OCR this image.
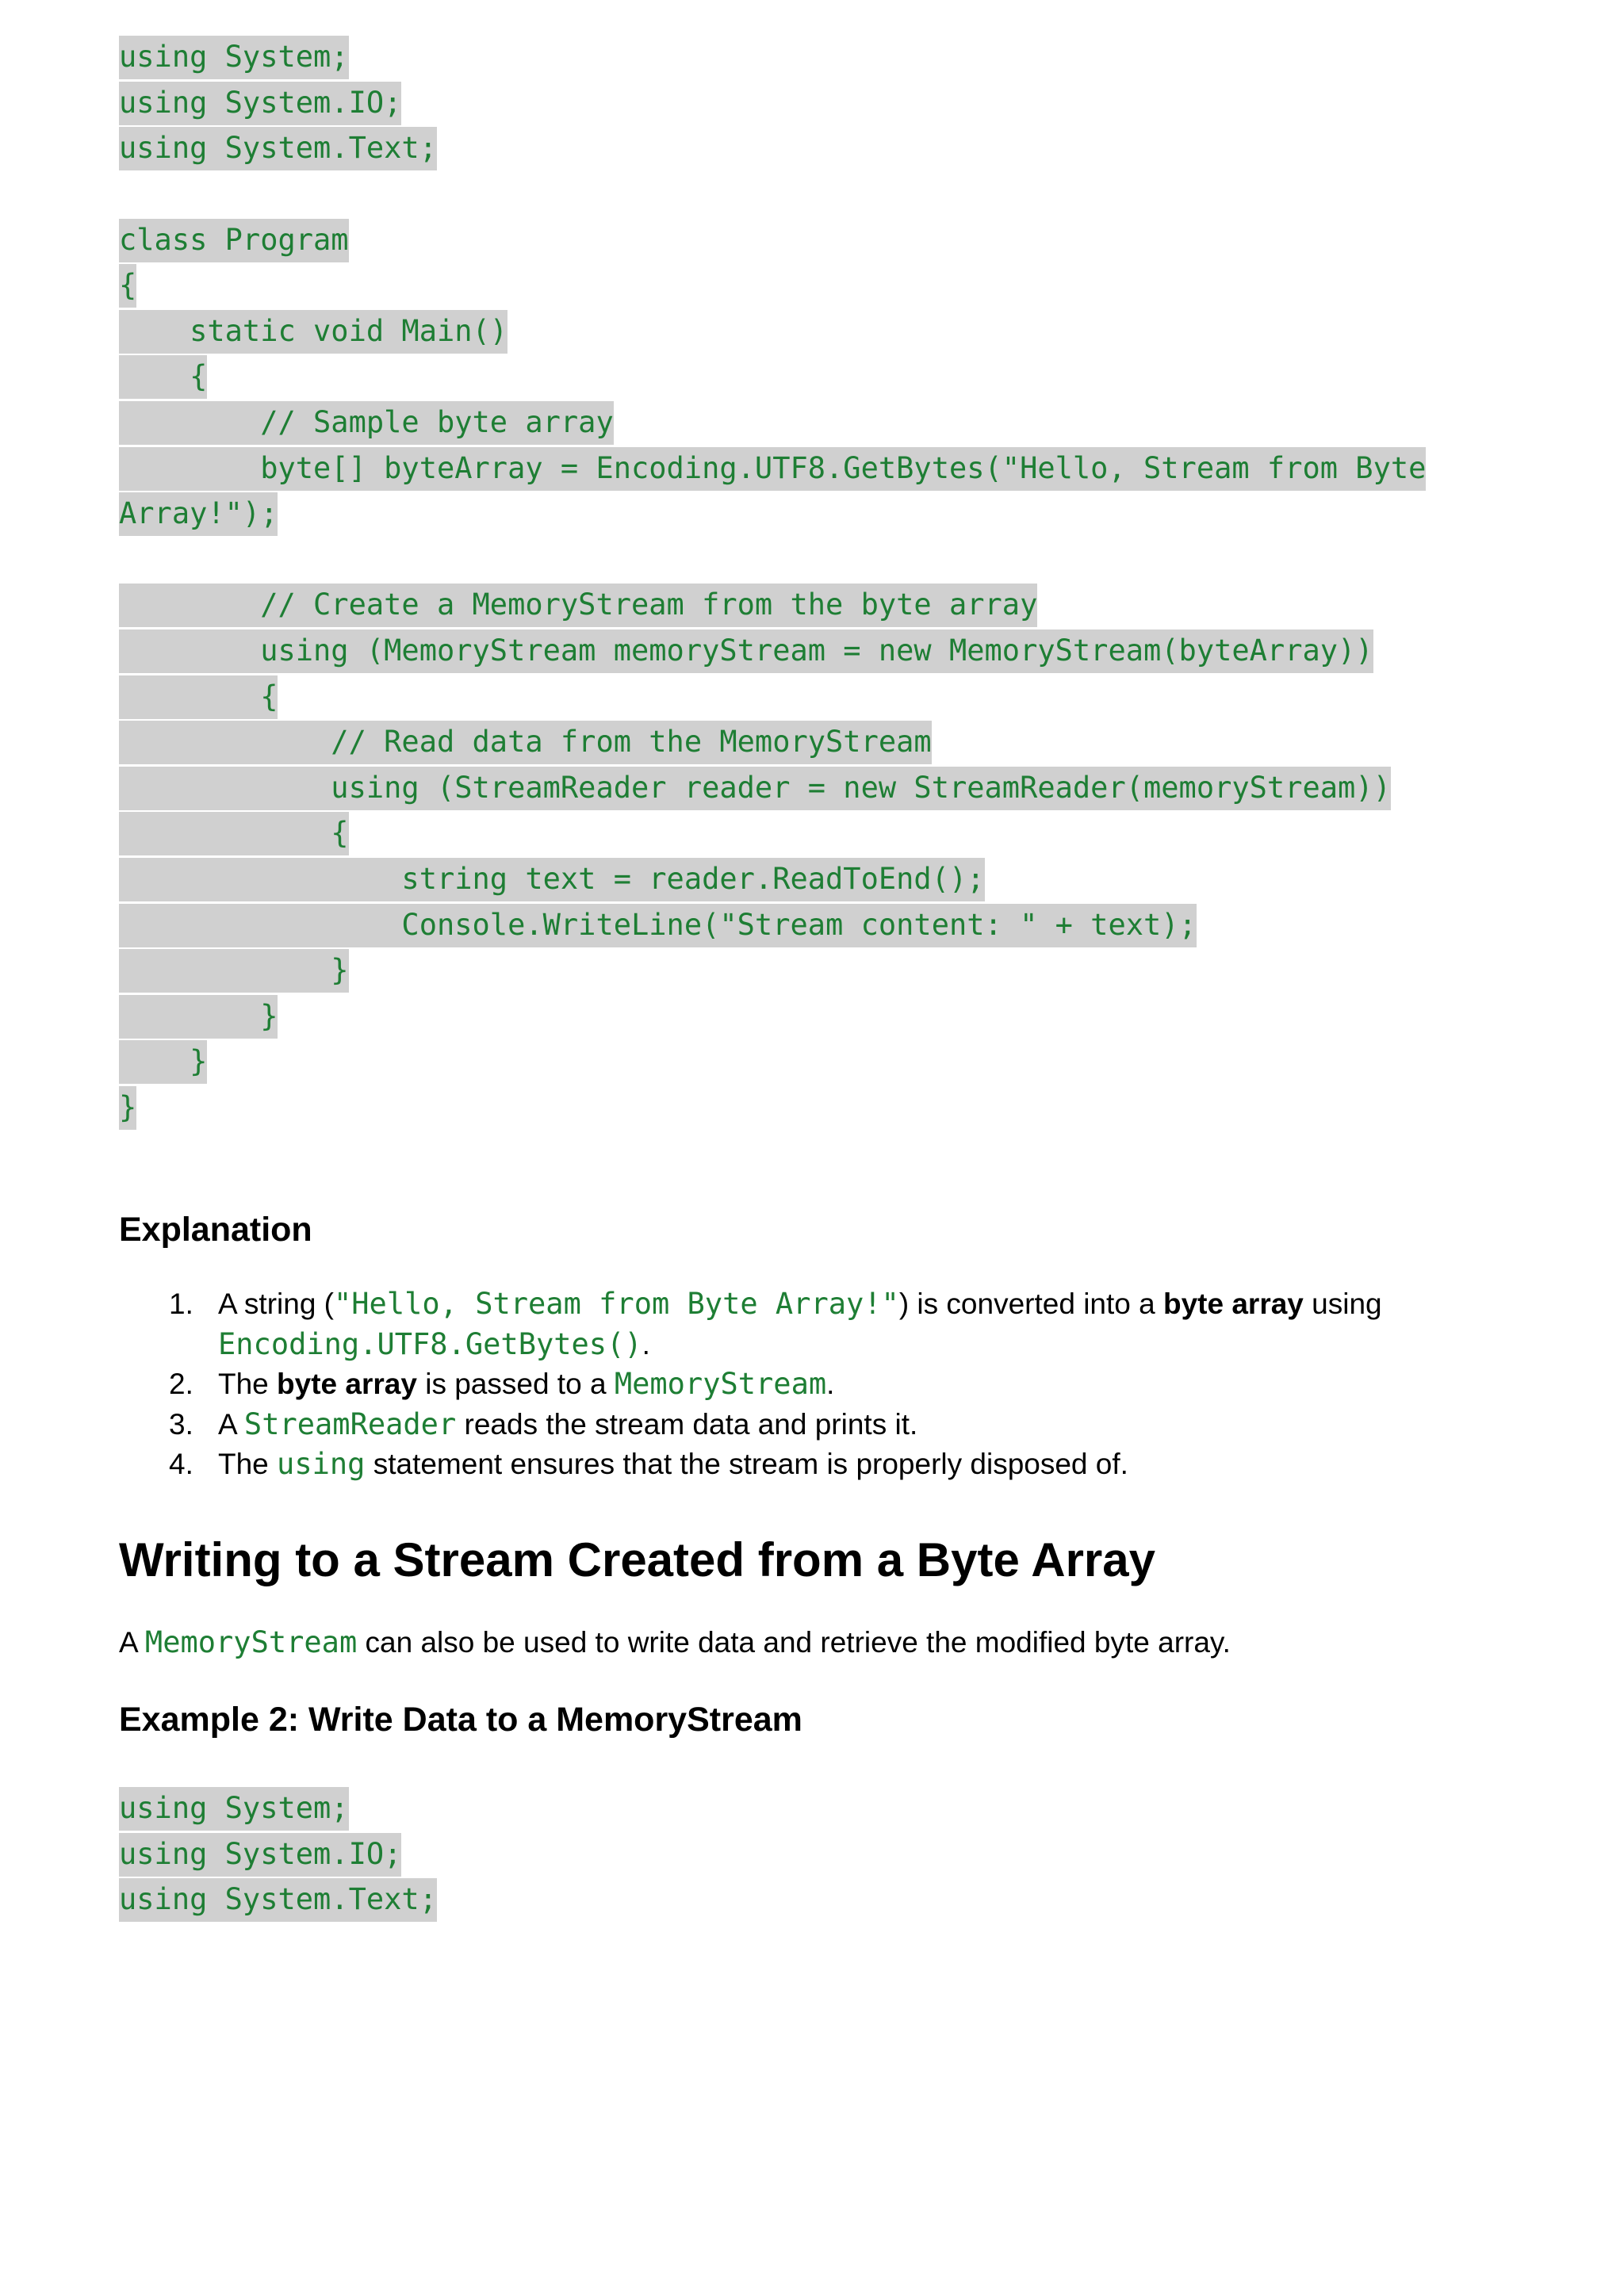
using System;
using System.IO;
using System.Text;
class Program
{
static void Main()
{
// Sample byte array
byte[] byteArray = Encoding.UTF8.GetBytes("Hello, Stream from Byte
Array!");
// Create a MemoryStream from the byte array
using (MemoryStream memoryStream = new MemoryStream(byteArray))
{
// Read data from the MemoryStream
using (StreamReader reader = new StreamReader(memoryStream))
{
string text = reader.ReadToEnd();
Console.WriteLine("Stream content: " + text);
}
}
}
}
Explanation
1. A string ("Hello, Stream from Byte Array!") is converted into a byte array using
Encoding.UTF8.GetBytes().
2. The byte array is passed to a MemoryStream.
3. A StreamReader reads the stream data and prints it.
4. The using statement ensures that the stream is properly disposed of.
Writing to a Stream Created from a Byte Array

A MemoryStream can also be used to write data and retrieve the modified byte array.

Example 2: Write Data to a MemoryStream
using System;
using System.IO;
using System.Text;
